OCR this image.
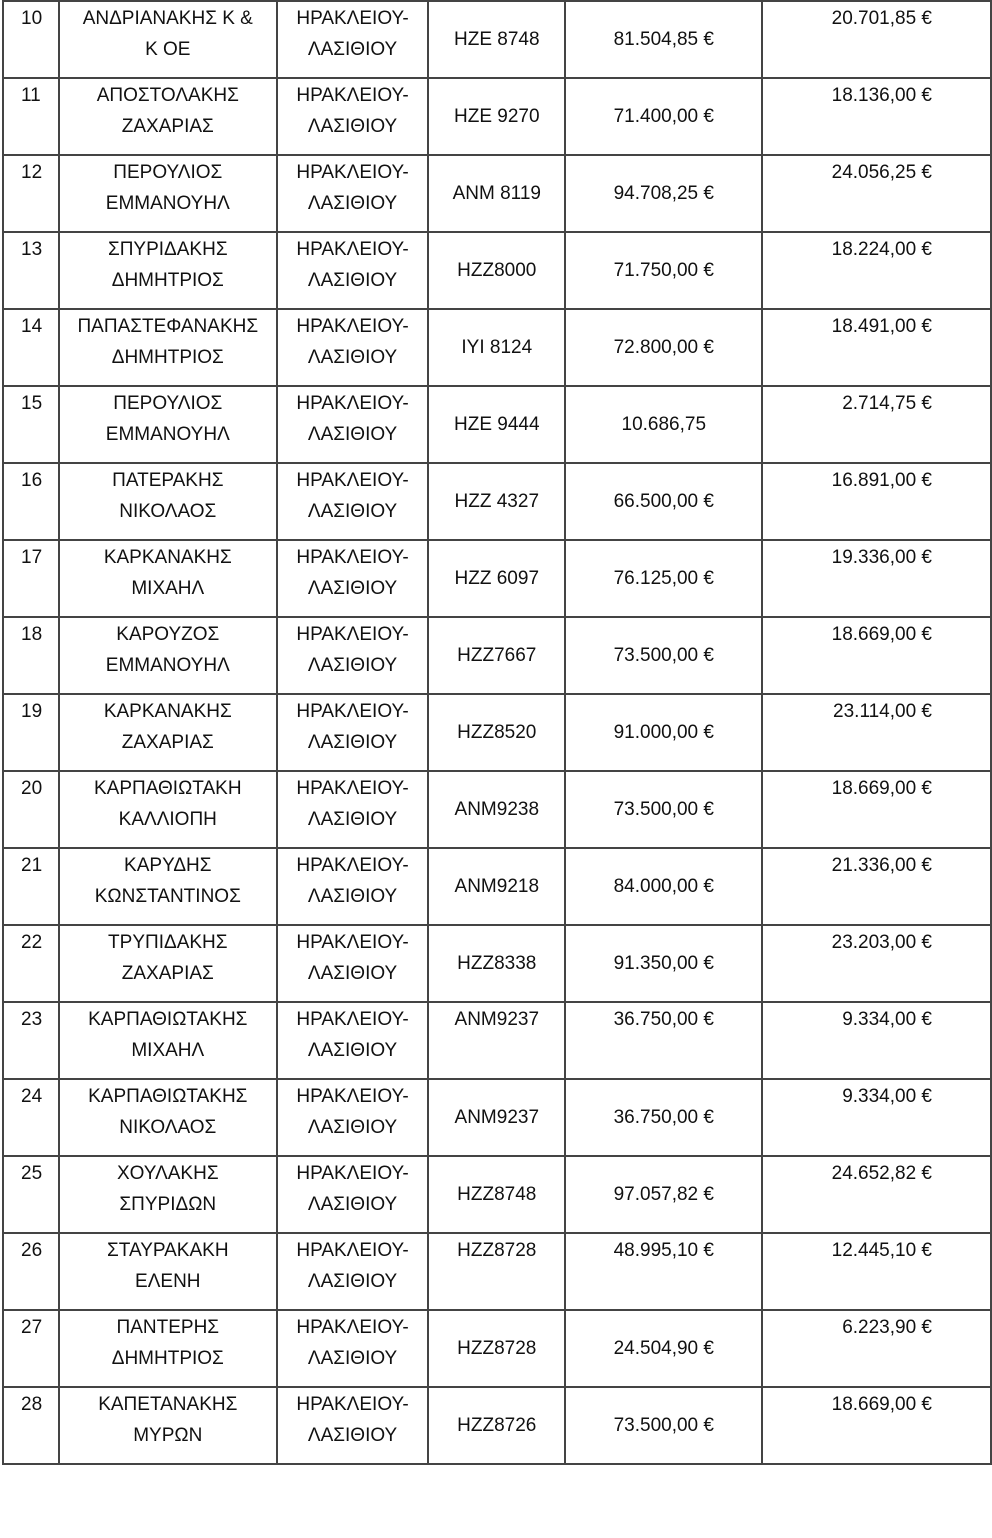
10	ΑΝΔΡΙΑΝΑΚΗΣ Κ &
Κ ΟΕ	ΗΡΑΚΛΕΙΟΥ-
ΛΑΣΙΘΙΟΥ	ΗΖΕ 8748	81.504,85 €	20.701,85 €

11	ΑΠΟΣΤΟΛΑΚΗΣ
ΖΑΧΑΡΙΑΣ	ΗΡΑΚΛΕΙΟΥ-
ΛΑΣΙΘΙΟΥ	ΗΖΕ 9270	71.400,00 €	18.136,00 €

12	ΠΕΡΟΥΛΙΟΣ
ΕΜΜΑΝΟΥΗΛ	ΗΡΑΚΛΕΙΟΥ-
ΛΑΣΙΘΙΟΥ	ΑΝΜ 8119	94.708,25 €	24.056,25 €

13	ΣΠΥΡΙΔΑΚΗΣ
ΔΗΜΗΤΡΙΟΣ	ΗΡΑΚΛΕΙΟΥ-
ΛΑΣΙΘΙΟΥ	ΗΖΖ8000	71.750,00 €	18.224,00 €

14	ΠΑΠΑΣΤΕΦΑΝΑΚΗΣ
ΔΗΜΗΤΡΙΟΣ	ΗΡΑΚΛΕΙΟΥ-
ΛΑΣΙΘΙΟΥ	ΙΥΙ 8124	72.800,00 €	18.491,00 €

15	ΠΕΡΟΥΛΙΟΣ
ΕΜΜΑΝΟΥΗΛ	ΗΡΑΚΛΕΙΟΥ-
ΛΑΣΙΘΙΟΥ	ΗΖΕ 9444	10.686,75	2.714,75 €

16	ΠΑΤΕΡΑΚΗΣ
ΝΙΚΟΛΑΟΣ	ΗΡΑΚΛΕΙΟΥ-
ΛΑΣΙΘΙΟΥ	ΗΖΖ 4327	66.500,00 €	16.891,00 €

17	ΚΑΡΚΑΝΑΚΗΣ
ΜΙΧΑΗΛ	ΗΡΑΚΛΕΙΟΥ-
ΛΑΣΙΘΙΟΥ	ΗΖΖ 6097	76.125,00 €	19.336,00 €

18	ΚΑΡΟΥΖΟΣ
ΕΜΜΑΝΟΥΗΛ	ΗΡΑΚΛΕΙΟΥ-
ΛΑΣΙΘΙΟΥ	ΗΖΖ7667	73.500,00 €	18.669,00 €

19	ΚΑΡΚΑΝΑΚΗΣ
ΖΑΧΑΡΙΑΣ	ΗΡΑΚΛΕΙΟΥ-
ΛΑΣΙΘΙΟΥ	ΗΖΖ8520	91.000,00 €	23.114,00 €

20	ΚΑΡΠΑΘΙΩΤΑΚΗ
ΚΑΛΛΙΟΠΗ	ΗΡΑΚΛΕΙΟΥ-
ΛΑΣΙΘΙΟΥ	ΑΝΜ9238	73.500,00 €	18.669,00 €

21	ΚΑΡΥΔΗΣ
ΚΩΝΣΤΑΝΤΙΝΟΣ	ΗΡΑΚΛΕΙΟΥ-
ΛΑΣΙΘΙΟΥ	ΑΝΜ9218	84.000,00 €	21.336,00 €

22	ΤΡΥΠΙΔΑΚΗΣ
ΖΑΧΑΡΙΑΣ	ΗΡΑΚΛΕΙΟΥ-
ΛΑΣΙΘΙΟΥ	ΗΖΖ8338	91.350,00 €	23.203,00 €

23	ΚΑΡΠΑΘΙΩΤΑΚΗΣ
ΜΙΧΑΗΛ	ΗΡΑΚΛΕΙΟΥ-
ΛΑΣΙΘΙΟΥ	ΑΝΜ9237	36.750,00 €	9.334,00 €

24	ΚΑΡΠΑΘΙΩΤΑΚΗΣ
ΝΙΚΟΛΑΟΣ	ΗΡΑΚΛΕΙΟΥ-
ΛΑΣΙΘΙΟΥ	ΑΝΜ9237	36.750,00 €	9.334,00 €

25	ΧΟΥΛΑΚΗΣ
ΣΠΥΡΙΔΩΝ	ΗΡΑΚΛΕΙΟΥ-
ΛΑΣΙΘΙΟΥ	ΗΖΖ8748	97.057,82 €	24.652,82 €

26	ΣΤΑΥΡΑΚΑΚΗ
ΕΛΕΝΗ	ΗΡΑΚΛΕΙΟΥ-
ΛΑΣΙΘΙΟΥ	ΗΖΖ8728	48.995,10 €	12.445,10 €

27	ΠΑΝΤΕΡΗΣ
ΔΗΜΗΤΡΙΟΣ	ΗΡΑΚΛΕΙΟΥ-
ΛΑΣΙΘΙΟΥ	ΗΖΖ8728	24.504,90 €	6.223,90 €

28	ΚΑΠΕΤΑΝΑΚΗΣ
ΜΥΡΩΝ	ΗΡΑΚΛΕΙΟΥ-
ΛΑΣΙΘΙΟΥ	ΗΖΖ8726	73.500,00 €	18.669,00 €
